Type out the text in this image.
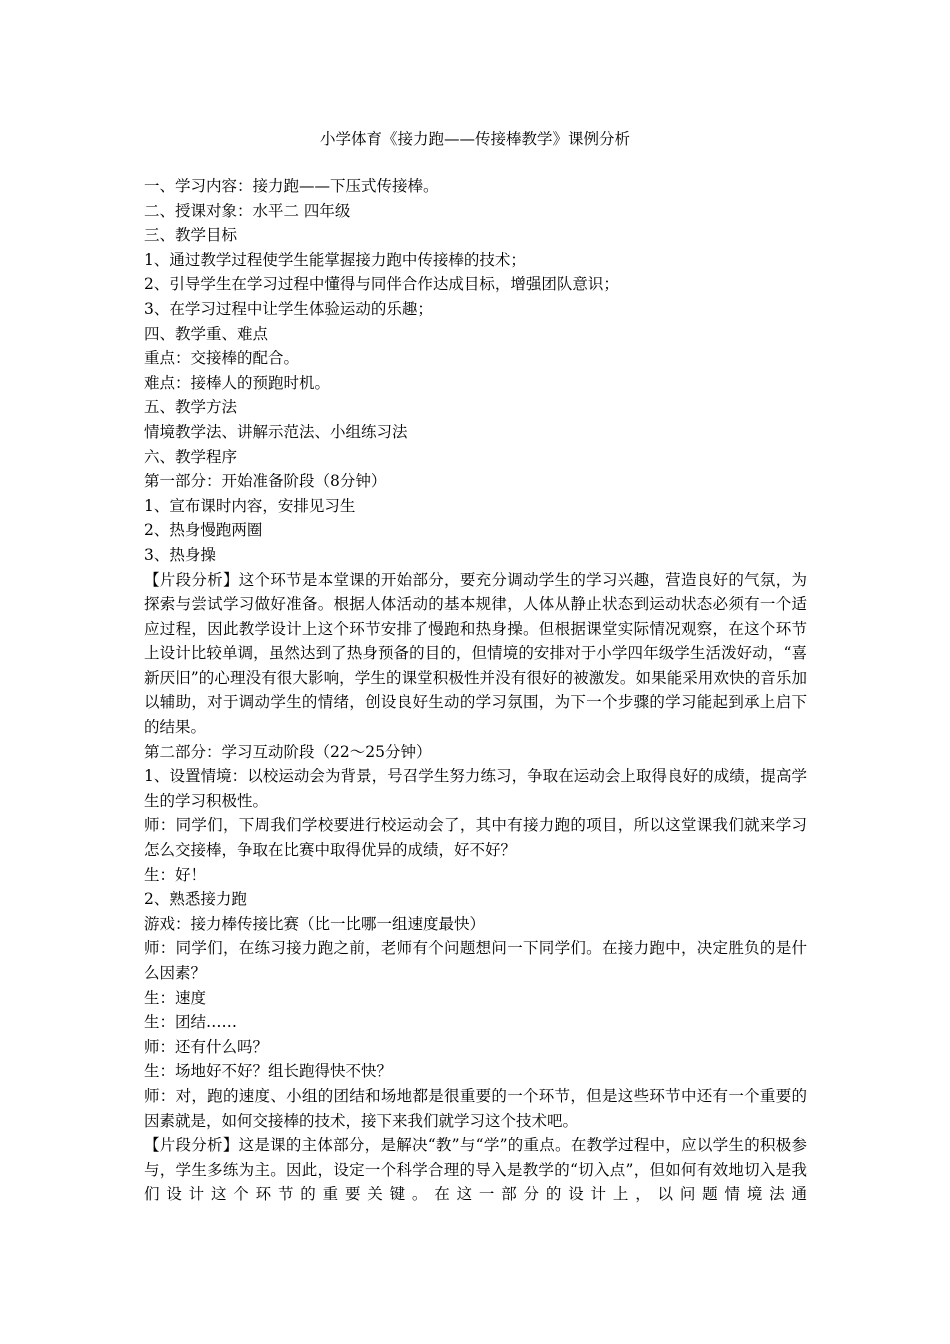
小学体育《接力跑——传接棒教学》课例分析

一、学习内容：接力跑——下压式传接棒。

二、授课对象：水平二 四年级

三、教学目标

1、通过教学过程使学生能掌握接力跑中传接棒的技术；

2、引导学生在学习过程中懂得与同伴合作达成目标，增强团队意识；

3、在学习过程中让学生体验运动的乐趣；

四、教学重、难点

重点：交接棒的配合。

难点：接棒人的预跑时机。

五、教学方法

情境教学法、讲解示范法、小组练习法

六、教学程序

第一部分：开始准备阶段（8分钟）

1、宣布课时内容，安排见习生

2、热身慢跑两圈

3、热身操

【片段分析】这个环节是本堂课的开始部分，要充分调动学生的学习兴趣，营造良好的气氛，为探索与尝试学习做好准备。根据人体活动的基本规律，人体从静止状态到运动状态必须有一个适应过程，因此教学设计上这个环节安排了慢跑和热身操。但根据课堂实际情况观察，在这个环节上设计比较单调，虽然达到了热身预备的目的，但情境的安排对于小学四年级学生活泼好动，“喜新厌旧”的心理没有很大影响，学生的课堂积极性并没有很好的被激发。如果能采用欢快的音乐加以辅助，对于调动学生的情绪，创设良好生动的学习氛围，为下一个步骤的学习能起到承上启下的结果。

第二部分：学习互动阶段（22～25分钟）

1、设置情境：以校运动会为背景，号召学生努力练习，争取在运动会上取得良好的成绩，提高学生的学习积极性。

师：同学们，下周我们学校要进行校运动会了，其中有接力跑的项目，所以这堂课我们就来学习怎么交接棒，争取在比赛中取得优异的成绩，好不好？

生：好！

2、熟悉接力跑

游戏：接力棒传接比赛（比一比哪一组速度最快）

师：同学们，在练习接力跑之前，老师有个问题想问一下同学们。在接力跑中，决定胜负的是什么因素？

生：速度

生：团结……

师：还有什么吗？

生：场地好不好？组长跑得快不快？

师：对，跑的速度、小组的团结和场地都是很重要的一个环节，但是这些环节中还有一个重要的因素就是，如何交接棒的技术，接下来我们就学习这个技术吧。

【片段分析】这是课的主体部分，是解决“教”与“学”的重点。在教学过程中，应以学生的积极参与，学生多练为主。因此，设定一个科学合理的导入是教学的“切入点”，但如何有效地切入是我们设计这个环节的重要关键。在这一部分的设计上，以问题情境法通
